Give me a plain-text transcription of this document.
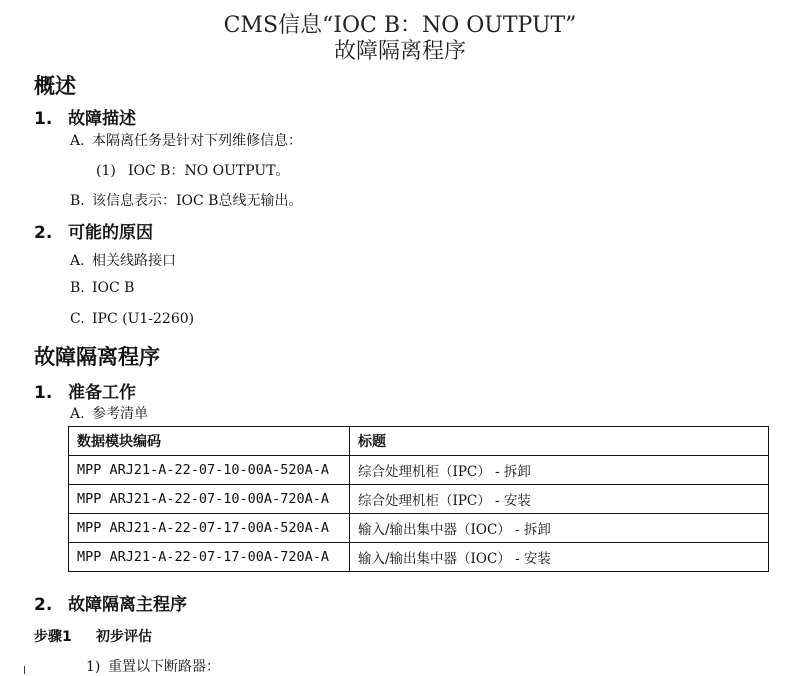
CMS信息“IOC B：NO OUTPUT”
故障隔离程序
概述
1. 故障描述
A. 本隔离任务是针对下列维修信息：
(1) IOC B：NO OUTPUT。
B. 该信息表示：IOC B总线无输出。
2. 可能的原因
A. 相关线路接口
B. IOC B
C. IPC (U1-2260)
故障隔离程序
1. 准备工作
A. 参考清单
数据模块编码	标题
MPP ARJ21-A-22-07-10-00A-520A-A	综合处理机柜（IPC） - 拆卸
MPP ARJ21-A-22-07-10-00A-720A-A	综合处理机柜（IPC） - 安装
MPP ARJ21-A-22-07-17-00A-520A-A	输入/输出集中器（IOC） - 拆卸
MPP ARJ21-A-22-07-17-00A-720A-A	输入/输出集中器（IOC） - 安装
2. 故障隔离主程序
步骤1 初步评估
1) 重置以下断路器：
